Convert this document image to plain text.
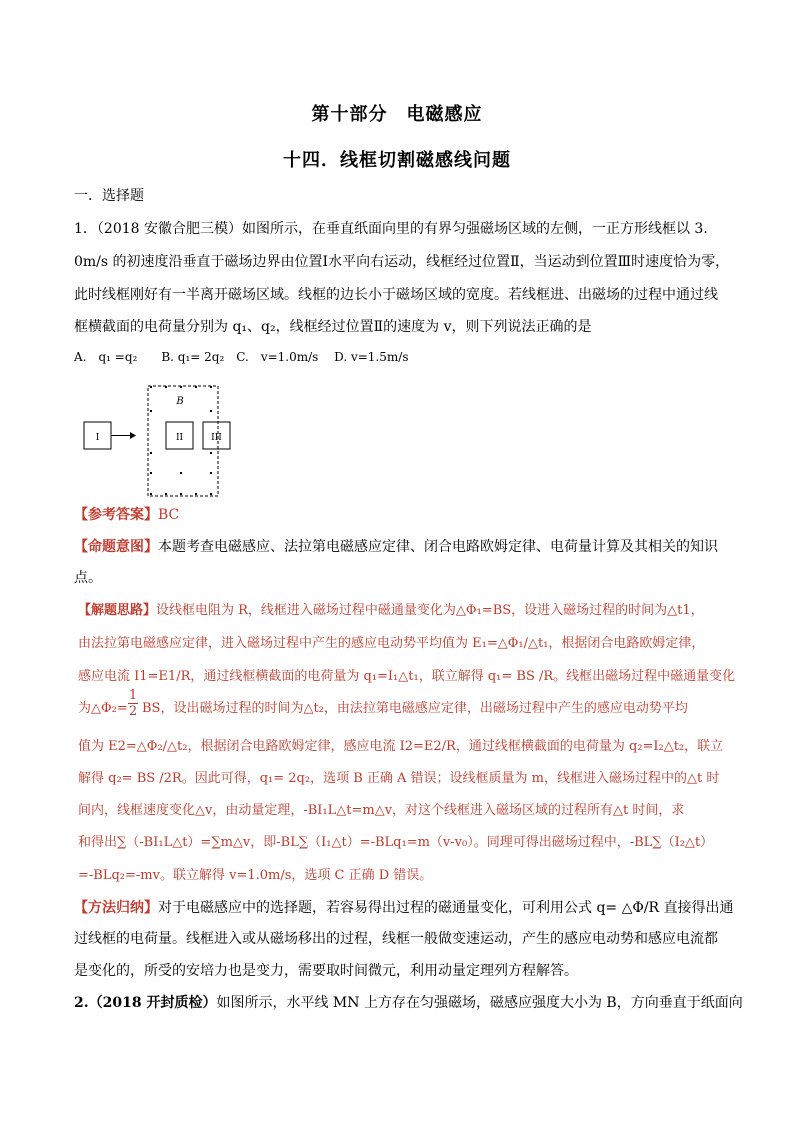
第十部分　电磁感应
十四．线框切割磁感线问题
一．选择题
1．（2018 安徽合肥三模）如图所示，在垂直纸面向里的有界匀强磁场区域的左侧，一正方形线框以 3.
0m/s 的初速度沿垂直于磁场边界由位置Ⅰ水平向右运动，线框经过位置Ⅱ，当运动到位置Ⅲ时速度恰为零，
此时线框刚好有一半离开磁场区域。线框的边长小于磁场区域的宽度。若线框进、出磁场的过程中通过线
框横截面的电荷量分别为 q₁、q₂，线框经过位置Ⅱ的速度为 v，则下列说法正确的是
A.　q₁ =q₂　　B. q₁= 2q₂　C.　v=1.0m/s　 D. v=1.5m/s
I
B
II	III
【参考答案】BC
【命题意图】本题考查电磁感应、法拉第电磁感应定律、闭合电路欧姆定律、电荷量计算及其相关的知识
点。
【解题思路】设线框电阻为 R，线框进入磁场过程中磁通量变化为△Φ₁=BS，设进入磁场过程的时间为△t1，
由法拉第电磁感应定律，进入磁场过程中产生的感应电动势平均值为 E₁=△Φ₁/△t₁，根据闭合电路欧姆定律，
感应电流 I1=E1/R，通过线框横截面的电荷量为 q₁=I₁△t₁，联立解得 q₁= BS /R。线框出磁场过程中磁通量变化
为△Φ₂=
1
2 BS，设出磁场过程的时间为△t₂，由法拉第电磁感应定律，出磁场过程中产生的感应电动势平均
值为 E2=△Φ₂/△t₂，根据闭合电路欧姆定律，感应电流 I2=E2/R，通过线框横截面的电荷量为 q₂=I₂△t₂，联立
解得 q₂= BS /2R。因此可得，q₁= 2q₂，选项 B 正确 A 错误；设线框质量为 m，线框进入磁场过程中的△t 时
间内，线框速度变化△v，由动量定理，-BI₁L△t=m△v，对这个线框进入磁场区域的过程所有△t 时间，求
和得出∑（-BI₁L△t）=∑m△v，即-BL∑（I₁△t）=-BLq₁=m（v-v₀）。同理可得出磁场过程中，-BL∑（I₂△t）
=-BLq₂=-mv。联立解得 v=1.0m/s，选项 C 正确 D 错误。
【方法归纳】对于电磁感应中的选择题，若容易得出过程的磁通量变化，可利用公式 q= △Φ/R 直接得出通
过线框的电荷量。线框进入或从磁场移出的过程，线框一般做变速运动，产生的感应电动势和感应电流都
是变化的，所受的安培力也是变力，需要取时间微元，利用动量定理列方程解答。
2.（2018 开封质检）如图所示，水平线 MN 上方存在匀强磁场，磁感应强度大小为 B，方向垂直于纸面向
